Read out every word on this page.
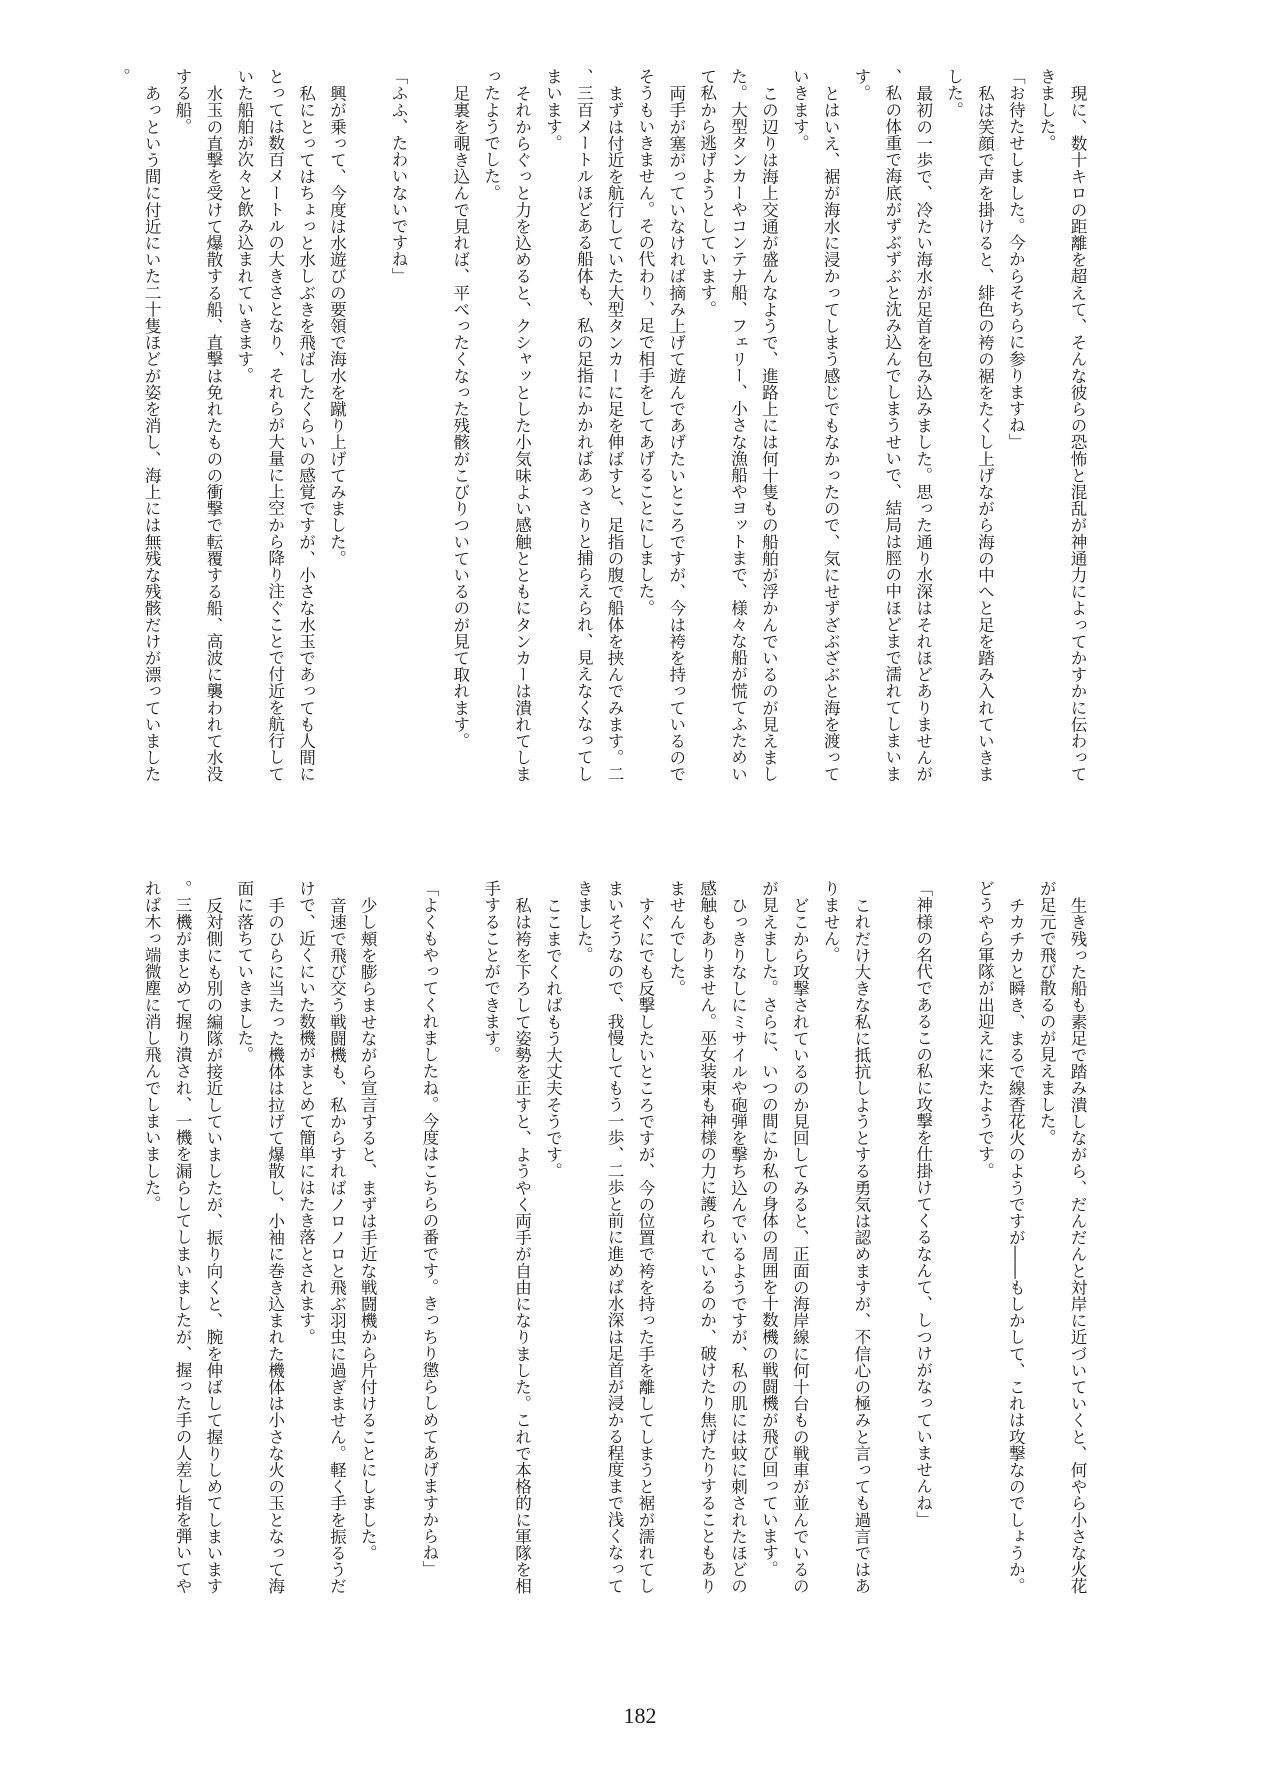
現に、数十キロの距離を超えて、そんな彼らの恐怖と混乱が神通力によってかすかに伝わってきました。

「お待たせしました。今からそちらに参りますね」

私は笑顔で声を掛けると、緋色の袴の裾をたくし上げながら海の中へと足を踏み入れていきました。

最初の一歩で、冷たい海水が足首を包み込みました。思った通り水深はそれほどありませんが、私の体重で海底がずぶずぶと沈み込んでしまうせいで、結局は脛の中ほどまで濡れてしまいます。

とはいえ、裾が海水に浸かってしまう感じでもなかったので、気にせずざぶざぶと海を渡っていきます。

この辺りは海上交通が盛んなようで、進路上には何十隻もの船舶が浮かんでいるのが見えました。大型タンカーやコンテナ船、フェリー、小さな漁船やヨットまで、様々な船が慌てふためいて私から逃げようとしています。

両手が塞がっていなければ摘み上げて遊んであげたいところですが、今は袴を持っているのでそうもいきません。その代わり、足で相手をしてあげることにしました。

まずは付近を航行していた大型タンカーに足を伸ばすと、足指の腹で船体を挟んでみます。二、三百メートルほどある船体も、私の足指にかかればあっさりと捕らえられ、見えなくなってしまいます。

それからぐっと力を込めると、クシャッとした小気味よい感触とともにタンカーは潰れてしまったようでした。

足裏を覗き込んで見れば、平べったくなった残骸がこびりついているのが見て取れます。

「ふふ、たわいないですね」

興が乗って、今度は水遊びの要領で海水を蹴り上げてみました。

私にとってはちょっと水しぶきを飛ばしたくらいの感覚ですが、小さな水玉であっても人間にとっては数百メートルの大きさとなり、それらが大量に上空から降り注ぐことで付近を航行していた船舶が次々と飲み込まれていきます。

水玉の直撃を受けて爆散する船、直撃は免れたものの衝撃で転覆する船、高波に襲われて水没する船。

あっという間に付近にいた二十隻ほどが姿を消し、海上には無残な残骸だけが漂っていました。

生き残った船も素足で踏み潰しながら、だんだんと対岸に近づいていくと、何やら小さな火花が足元で飛び散るのが見えました。

チカチカと瞬き、まるで線香花火のようですが――もしかして、これは攻撃なのでしょうか。どうやら軍隊が出迎えに来たようです。

「神様の名代であるこの私に攻撃を仕掛けてくるなんて、しつけがなっていませんね」

これだけ大きな私に抵抗しようとする勇気は認めますが、不信心の極みと言っても過言ではありません。

どこから攻撃されているのか見回してみると、正面の海岸線に何十台もの戦車が並んでいるのが見えました。さらに、いつの間にか私の身体の周囲を十数機の戦闘機が飛び回っています。

ひっきりなしにミサイルや砲弾を撃ち込んでいるようですが、私の肌には蚊に刺されたほどの感触もありません。巫女装束も神様の力に護られているのか、破けたり焦げたりすることもありませんでした。

すぐにでも反撃したいところですが、今の位置で袴を持った手を離してしまうと裾が濡れてしまいそうなので、我慢してもう一歩、二歩と前に進めば水深は足首が浸かる程度まで浅くなってきました。

ここまでくればもう大丈夫そうです。

私は袴を下ろして姿勢を正すと、ようやく両手が自由になりました。これで本格的に軍隊を相手することができます。

「よくもやってくれましたね。今度はこちらの番です。きっちり懲らしめてあげますからね」

少し頬を膨らませながら宣言すると、まずは手近な戦闘機から片付けることにしました。

音速で飛び交う戦闘機も、私からすればノロノロと飛ぶ羽虫に過ぎません。軽く手を振るうだけで、近くにいた数機がまとめて簡単にはたき落とされます。

手のひらに当たった機体は拉げて爆散し、小袖に巻き込まれた機体は小さな火の玉となって海面に落ちていきました。

反対側にも別の編隊が接近していましたが、振り向くと、腕を伸ばして握りしめてしまいます。三機がまとめて握り潰され、一機を漏らしてしまいましたが、握った手の人差し指を弾いてやれば木っ端微塵に消し飛んでしまいました。

182
